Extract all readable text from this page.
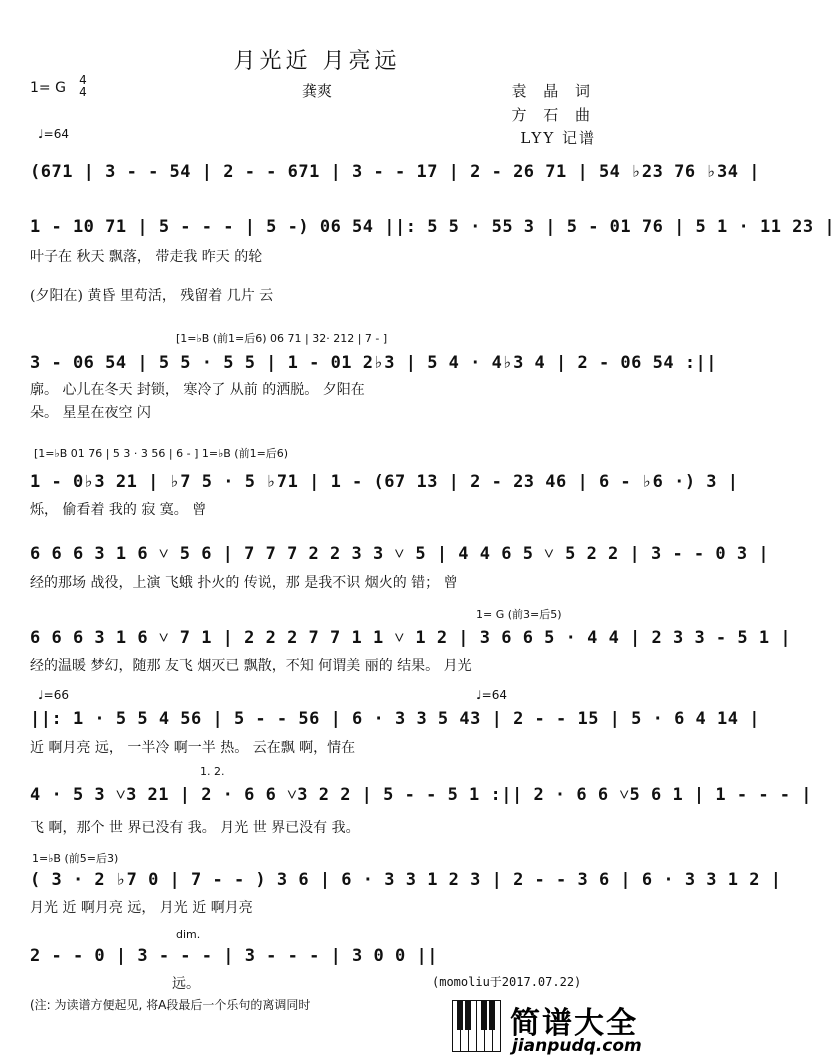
月光近 月亮远
龚爽
1= G 4
4	袁 晶 词
方 石 曲
LYY 记谱
♩=64
(671 | 3 - - 54 | 2 - - 671 | 3 - - 17 | 2 - 26 71 | 54 ♭23 76 ♭34 |
1 - 10 71 | 5 - - - | 5 -) 06 54 ||: 5 5 · 55 3 | 5 - 01 76 | 5 1 · 11 23 |
叶子在 秋天 飘落， 带走我 昨天 的轮
(夕阳在) 黄昏 里苟活， 残留着 几片 云
[1=♭B (前1=后6) 06 71 | 32· 212 | 7 - ]
3 - 06 54 | 5 5 · 5 5 | 1 - 01 2♭3 | 5 4 · 4♭3 4 | 2 - 06 54 :||
廓。 心儿在冬天 封锁， 寒冷了 从前 的洒脱。 夕阳在
朵。 星星在夜空 闪
[1=♭B 01 76 | 5 3 · 3 56 | 6 - ] 1=♭B (前1=后6)
1 - 0♭3 21 | ♭7 5 · 5 ♭71 | 1 - (67 13 | 2 - 23 46 | 6 - ♭6 ·) 3 |
烁， 偷看着 我的 寂 寞。 曾
6 6 6 3 1 6 ˅ 5 6 | 7 7 7 2 2 3 3 ˅ 5 | 4 4 6 5 ˅ 5 2 2 | 3 - - 0 3 |
经的那场 战役，上演 飞蛾 扑火的 传说，那 是我不识 烟火的 错； 曾
1= G (前3=后5)
6 6 6 3 1 6 ˅ 7 1 | 2 2 2 7 7 1 1 ˅ 1 2 | 3 6 6 5 · 4 4 | 2 3 3 - 5 1 |
经的温暖 梦幻，随那 友飞 烟灭已 飘散，不知 何谓美 丽的 结果。 月光
♩=66	♩=64
||: 1 · 5 5 4 56 | 5 - - 56 | 6 · 3 3 5 43 | 2 - - 15 | 5 · 6 4 14 |
近 啊月亮 远， 一半冷 啊一半 热。 云在飘 啊，情在
1. 2.
4 · 5 3 ˅3 21 | 2 · 6 6 ˅3 2 2 | 5 - - 5 1 :|| 2 · 6 6 ˅5 6 1 | 1 - - - |
飞 啊，那个 世 界已没有 我。 月光 世 界已没有 我。
1=♭B (前5=后3)
( 3 · 2 ♭7 0 | 7 - - ) 3 6 | 6 · 3 3 1 2 3 | 2 - - 3 6 | 6 · 3 3 1 2 |
月光 近 啊月亮 远， 月光 近 啊月亮
dim.
2 - - 0 | 3 - - - | 3 - - - | 3 0 0 ||
远。	(momoliu于2017.07.22)
(注: 为读谱方便起见, 将A段最后一个乐句的离调同时
简谱大全
jianpudq.com
